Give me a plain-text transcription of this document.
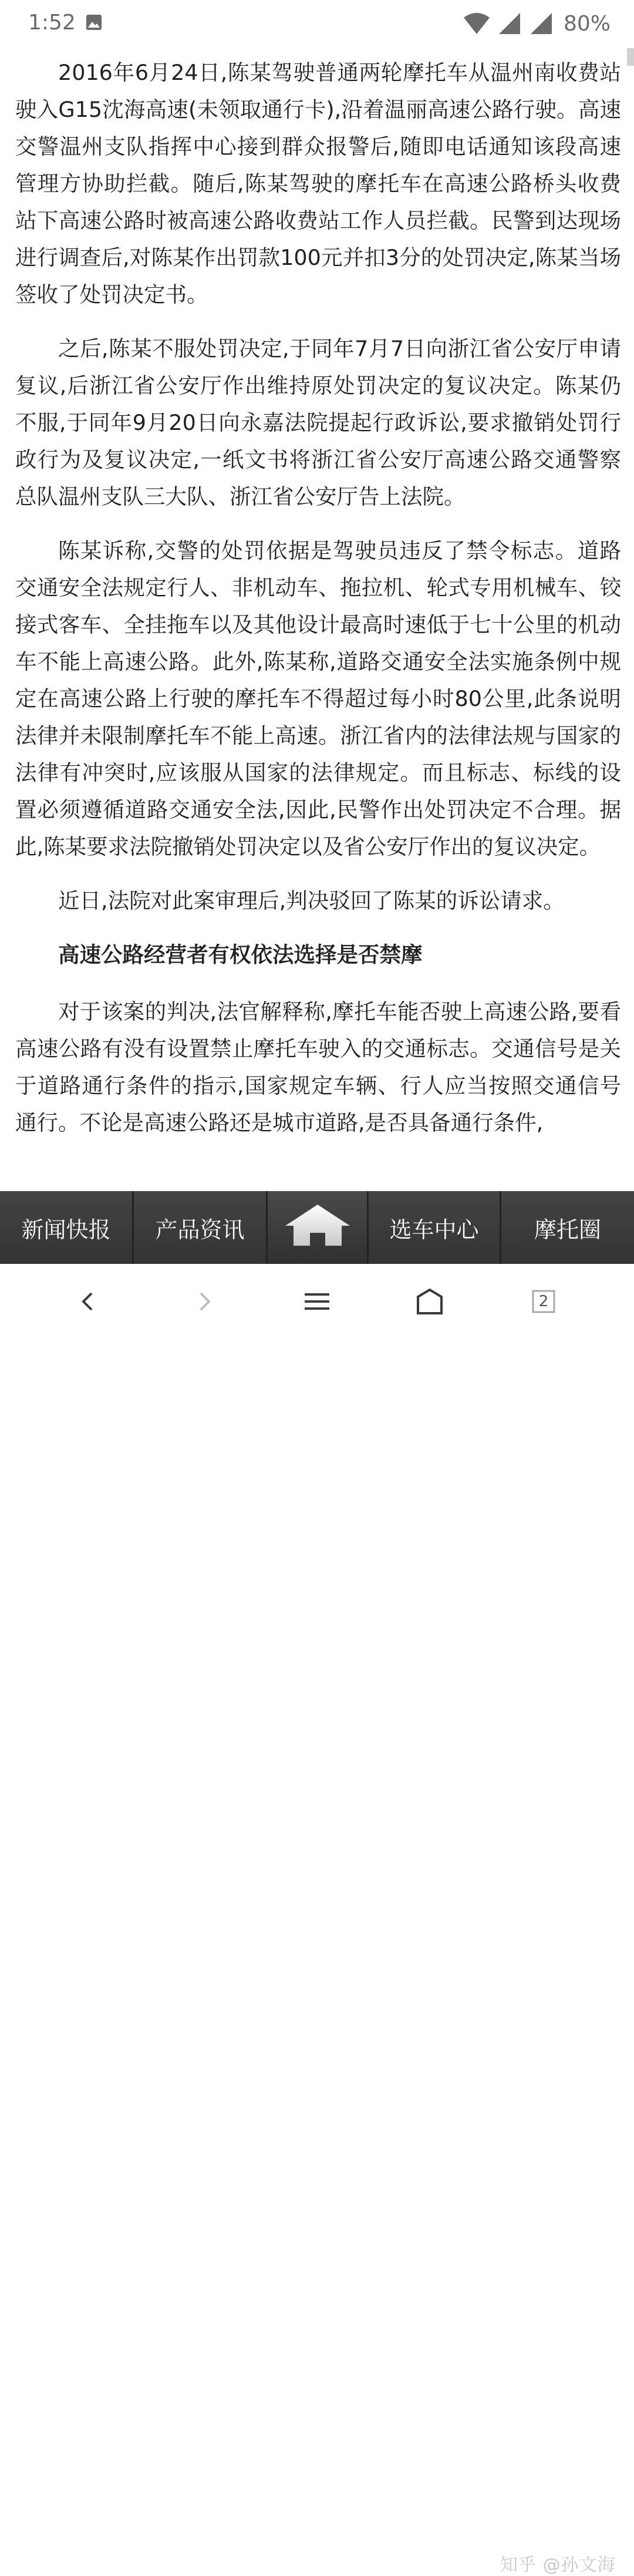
1:52	80%

2016年6月24日,陈某驾驶普通两轮摩托车从温州南收费站驶入G15沈海高速(未领取通行卡),沿着温丽高速公路行驶。高速交警温州支队指挥中心接到群众报警后,随即电话通知该段高速管理方协助拦截。随后,陈某驾驶的摩托车在高速公路桥头收费站下高速公路时被高速公路收费站工作人员拦截。民警到达现场进行调查后,对陈某作出罚款100元并扣3分的处罚决定,陈某当场签收了处罚决定书。

之后,陈某不服处罚决定,于同年7月7日向浙江省公安厅申请复议,后浙江省公安厅作出维持原处罚决定的复议决定。陈某仍不服,于同年9月20日向永嘉法院提起行政诉讼,要求撤销处罚行政行为及复议决定,一纸文书将浙江省公安厅高速公路交通警察总队温州支队三大队、浙江省公安厅告上法院。

陈某诉称,交警的处罚依据是驾驶员违反了禁令标志。道路交通安全法规定行人、非机动车、拖拉机、轮式专用机械车、铰接式客车、全挂拖车以及其他设计最高时速低于七十公里的机动车不能上高速公路。此外,陈某称,道路交通安全法实施条例中规定在高速公路上行驶的摩托车不得超过每小时80公里,此条说明法律并未限制摩托车不能上高速。浙江省内的法律法规与国家的法律有冲突时,应该服从国家的法律规定。而且标志、标线的设置必须遵循道路交通安全法,因此,民警作出处罚决定不合理。据此,陈某要求法院撤销处罚决定以及省公安厅作出的复议决定。

近日,法院对此案审理后,判决驳回了陈某的诉讼请求。

高速公路经营者有权依法选择是否禁摩

对于该案的判决,法官解释称,摩托车能否驶上高速公路,要看高速公路有没有设置禁止摩托车驶入的交通标志。交通信号是关于道路通行条件的指示,国家规定车辆、行人应当按照交通信号通行。不论是高速公路还是城市道路,是否具备通行条件,

新闻快报 产品资讯	选车中心 摩托圈
2
知乎 @孙文海
